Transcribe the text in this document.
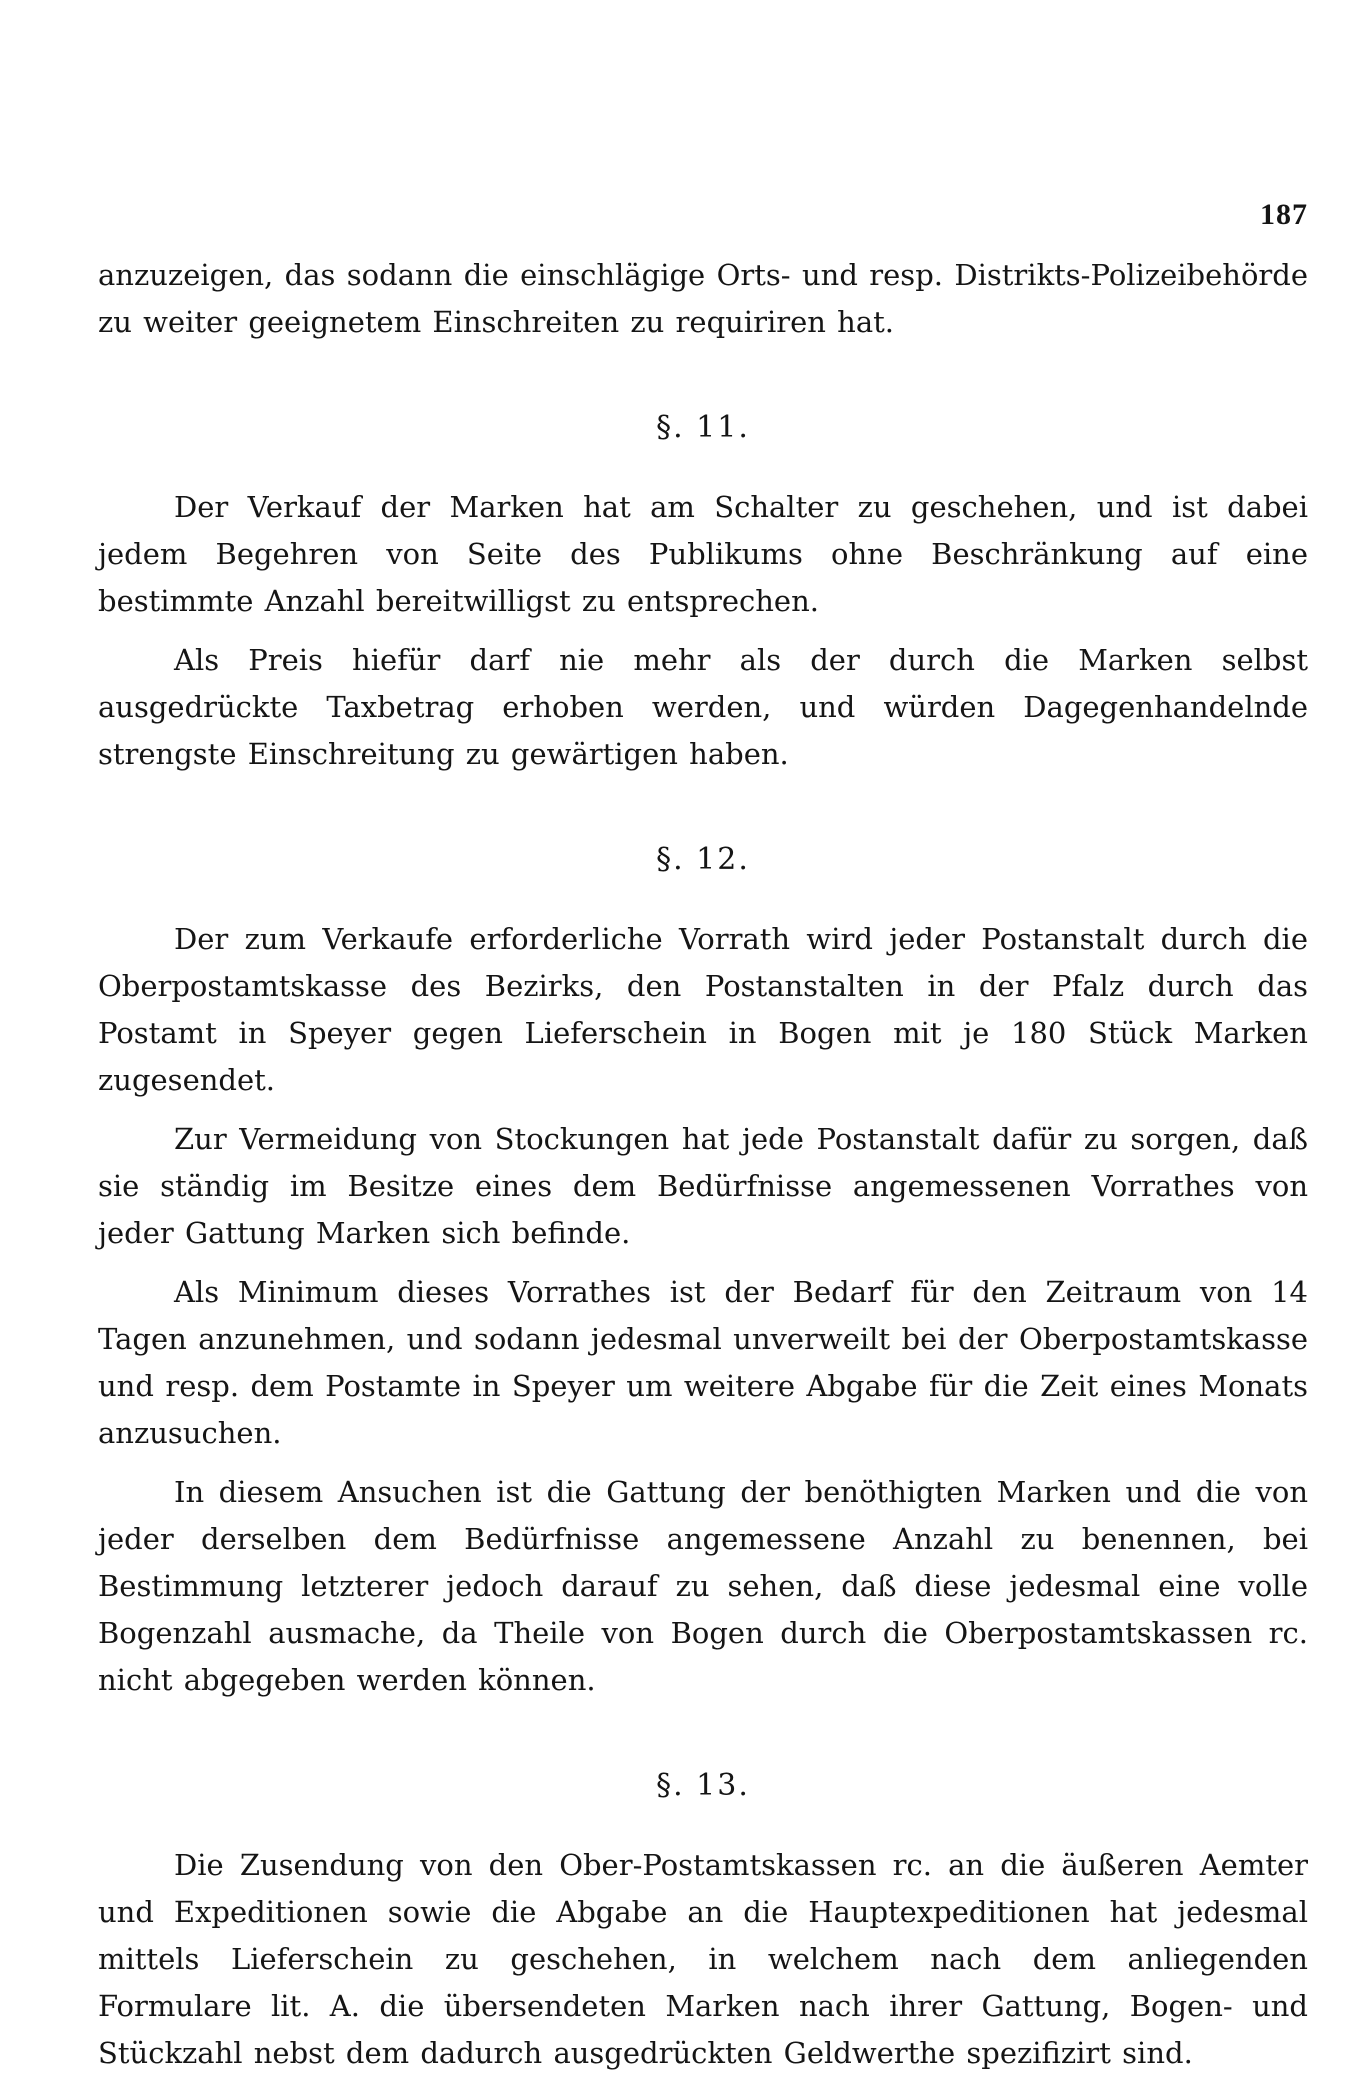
187

anzuzeigen, das sodann die einschlägige Orts- und resp. Distrikts-Polizeibehörde zu weiter geeignetem Einschreiten zu requiriren hat.

§. 11.

Der Verkauf der Marken hat am Schalter zu geschehen, und ist dabei jedem Begehren von Seite des Publikums ohne Beschränkung auf eine bestimmte Anzahl bereitwilligst zu entsprechen.

Als Preis hiefür darf nie mehr als der durch die Marken selbst ausgedrückte Taxbetrag erhoben werden, und würden Dagegenhandelnde strengste Einschreitung zu gewärtigen haben.

§. 12.

Der zum Verkaufe erforderliche Vorrath wird jeder Postanstalt durch die Oberpostamtskasse des Bezirks, den Postanstalten in der Pfalz durch das Postamt in Speyer gegen Lieferschein in Bogen mit je 180 Stück Marken zugesendet.

Zur Vermeidung von Stockungen hat jede Postanstalt dafür zu sorgen, daß sie ständig im Besitze eines dem Bedürfnisse angemessenen Vorrathes von jeder Gattung Marken sich befinde.

Als Minimum dieses Vorrathes ist der Bedarf für den Zeitraum von 14 Tagen anzunehmen, und sodann jedesmal unverweilt bei der Oberpostamtskasse und resp. dem Postamte in Speyer um weitere Abgabe für die Zeit eines Monats anzusuchen.

In diesem Ansuchen ist die Gattung der benöthigten Marken und die von jeder derselben dem Bedürfnisse angemessene Anzahl zu benennen, bei Bestimmung letzterer jedoch darauf zu sehen, daß diese jedesmal eine volle Bogenzahl ausmache, da Theile von Bogen durch die Oberpostamtskassen rc. nicht abgegeben werden können.

§. 13.

Die Zusendung von den Ober-Postamtskassen rc. an die äußeren Aemter und Expeditionen sowie die Abgabe an die Hauptexpeditionen hat jedesmal mittels Lieferschein zu geschehen, in welchem nach dem anliegenden Formulare lit. A. die übersendeten Marken nach ihrer Gattung, Bogen- und Stückzahl nebst dem dadurch ausgedrückten Geldwerthe spezifizirt sind.
